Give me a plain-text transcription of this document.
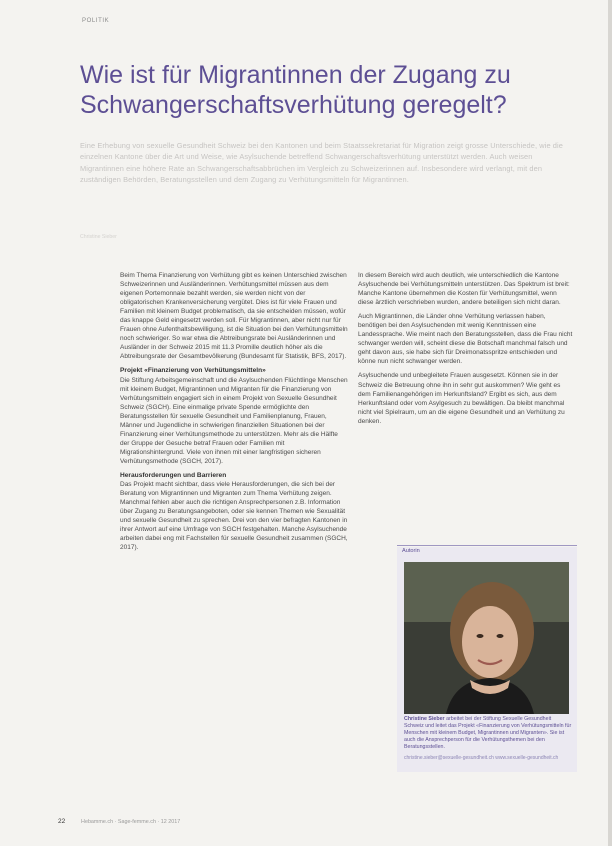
POLITIK
Wie ist für Migrantinnen der Zugang zu Schwangerschaftsverhütung geregelt?

Eine Erhebung von sexuelle Gesundheit Schweiz bei den Kantonen und beim Staatssekretariat für Migration zeigt grosse Unterschiede, wie die einzelnen Kantone über die Art und Weise, wie Asylsuchende betreffend Schwangerschaftsverhütung unterstützt werden. Auch weisen Migrantinnen eine höhere Rate an Schwangerschaftsabbrüchen im Vergleich zu Schweizerinnen auf. Insbesondere wird verlangt, mit den zuständigen Behörden, Beratungsstellen und dem Zugang zu Verhütungsmitteln für Migrantinnen.

Christine Sieber

Beim Thema Finanzierung von Verhütung gibt es keinen Unterschied zwischen Schweizerinnen und Ausländerinnen. Verhütungsmittel müssen aus dem eigenen Portemonnaie bezahlt werden, sie werden nicht von der obligatorischen Krankenversicherung vergütet. Dies ist für viele Frauen und Familien mit kleinem Budget problematisch, da sie entscheiden müssen, wofür das knappe Geld eingesetzt werden soll. Für Migrantinnen, aber nicht nur für Frauen ohne Aufenthaltsbewilligung, ist die Situation bei den Verhütungsmitteln noch schwieriger. So war etwa die Abtreibungsrate bei Ausländerinnen und Ausländer in der Schweiz 2015 mit 11.3 Promille deutlich höher als die Abtreibungsrate der Gesamtbevölkerung (Bundesamt für Statistik, BFS, 2017).

Projekt «Finanzierung von Verhütungsmitteln»

Die Stiftung Arbeitsgemeinschaft und die Asylsuchenden Flüchtlinge Menschen mit kleinem Budget, Migrantinnen und Migranten für die Finanzierung von Verhütungsmitteln engagiert sich in einem Projekt von Sexuelle Gesundheit Schweiz (SGCH). Eine einmalige private Spende ermöglichte den Beratungsstellen für sexuelle Gesundheit und Familienplanung, Frauen, Männer und Jugendliche in schwierigen finanziellen Situationen bei der Finanzierung einer Verhütungsmethode zu unterstützen. Mehr als die Hälfte der Gruppe der Gesuche betraf Frauen oder Familien mit Migrationshintergrund. Viele von ihnen mit einer langfristigen sicheren Verhütungsmethode (SGCH, 2017).

Herausforderungen und Barrieren

Das Projekt macht sichtbar, dass viele Herausforderungen, die sich bei der Beratung von Migrantinnen und Migranten zum Thema Verhütung zeigen. Manchmal fehlen aber auch die richtigen Ansprechpersonen z.B. Information über Zugang zu Beratungsangeboten, oder sie kennen Themen wie Sexualität und sexuelle Gesundheit zu sprechen. Drei von den vier befragten Kantonen in ihrer Antwort auf eine Umfrage von SGCH festgehalten. Manche Asylsuchende arbeiten dabei eng mit Fachstellen für sexuelle Gesundheit zusammen (SGCH, 2017).

In diesem Bereich wird auch deutlich, wie unterschiedlich die Kantone Asylsuchende bei Verhütungsmitteln unterstützen. Das Spektrum ist breit: Manche Kantone übernehmen die Kosten für Verhütungsmittel, wenn diese ärztlich verschrieben wurden, andere beteiligen sich nicht daran.

Auch Migrantinnen, die Länder ohne Verhütung verlassen haben, benötigen bei den Asylsuchenden mit wenig Kenntnissen eine Landessprache. Wie meint nach den Beratungsstellen, dass die Frau nicht schwanger werden will, scheint diese die Botschaft manchmal falsch und geht davon aus, sie habe sich für Dreimonatsspritze entschieden und könne nun nicht schwanger werden.

Asylsuchende und unbegleitete Frauen ausgesetzt. Können sie in der Schweiz die Betreuung ohne ihn in sehr gut auskommen? Wie geht es dem Familienangehörigen im Herkunftsland? Ergibt es sich, aus dem Herkunftsland oder vom Asylgesuch zu bewältigen. Da bleibt manchmal nicht viel Spielraum, um an die eigene Gesundheit und an Verhütung zu denken.

Autorin

Christine Sieber arbeitet bei der Stiftung Sexuelle Gesundheit Schweiz und leitet das Projekt «Finanzierung von Verhütungsmitteln für Menschen mit kleinem Budget, Migrantinnen und Migranten». Sie ist auch die Ansprechperson für die Verhütungsthemen bei den Beratungsstellen.

christine.sieber@sexuelle-gesundheit.ch www.sexuelle-gesundheit.ch

22	Hebamme.ch · Sage-femme.ch · 12 2017
